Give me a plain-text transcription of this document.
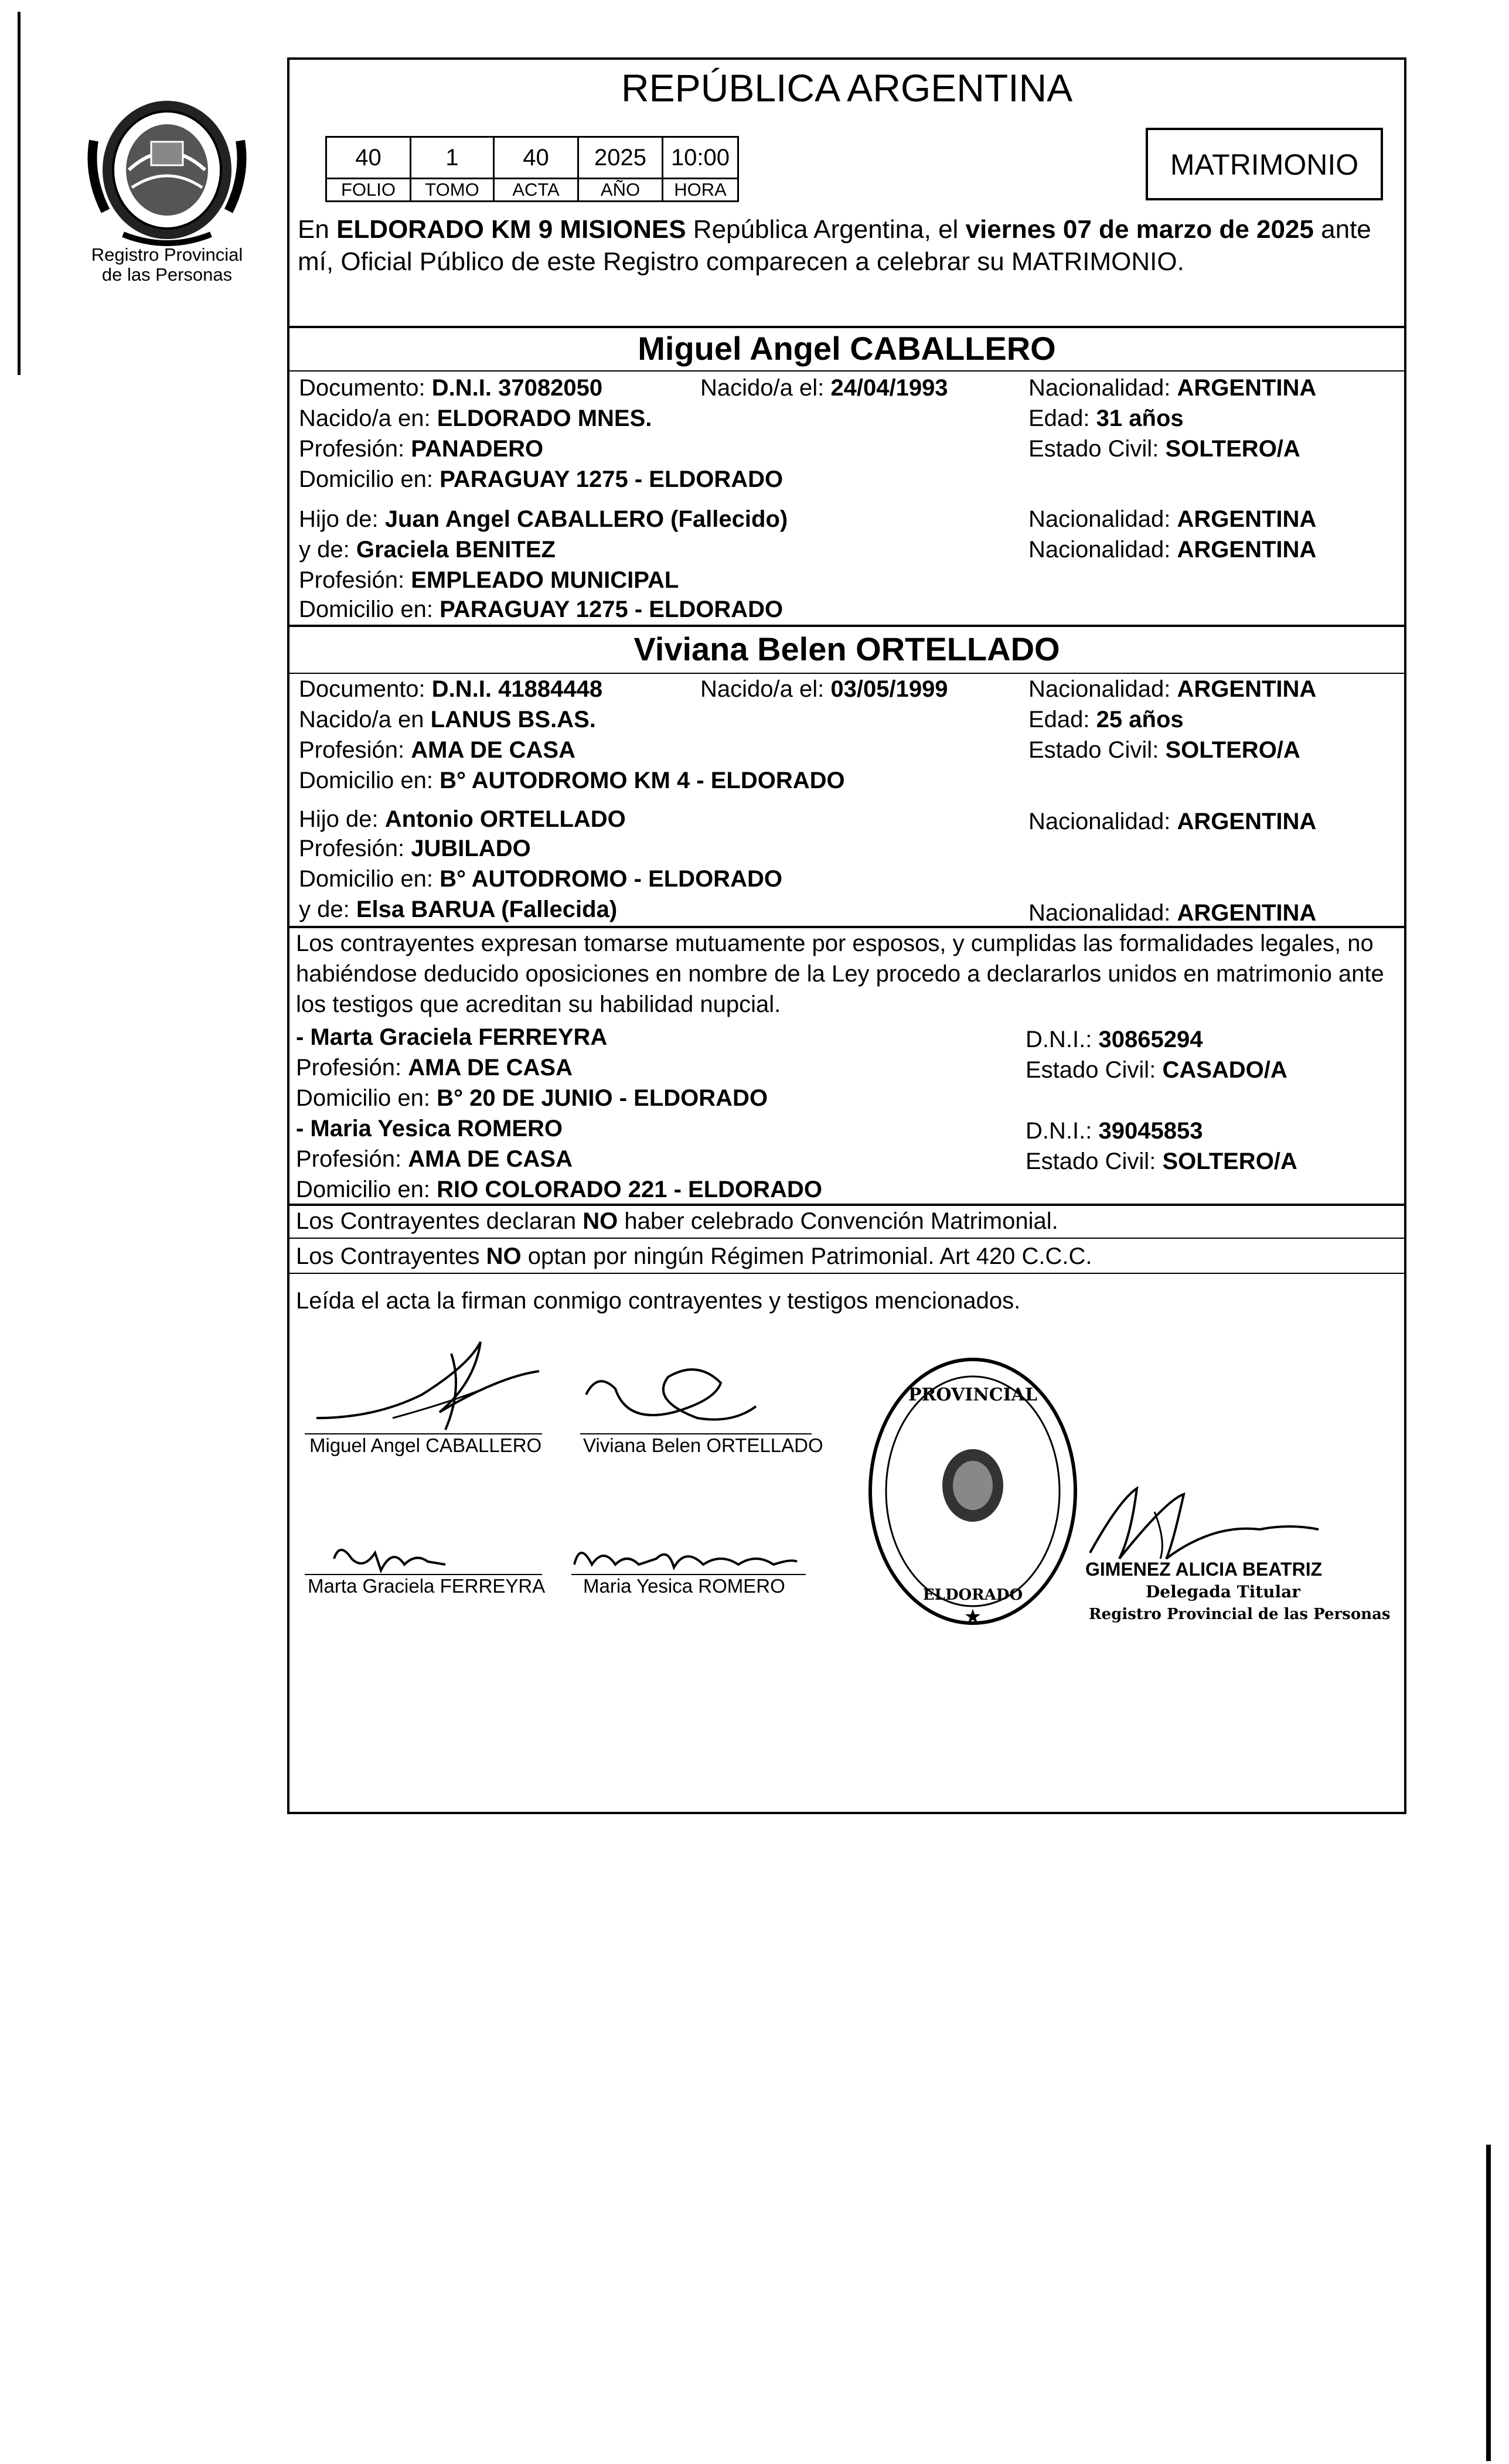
Registro Provincial
de las Personas
REPÚBLICA ARGENTINA
40	1	40	2025	10:00
FOLIO	TOMO	ACTA	AÑO	HORA
MATRIMONIO
En ELDORADO KM 9 MISIONES República Argentina, el viernes 07 de marzo de 2025 ante
mí, Oficial Público de este Registro comparecen a celebrar su MATRIMONIO.
Miguel Angel CABALLERO
Documento: D.N.I. 37082050	Nacido/a el: 24/04/1993	Nacionalidad: ARGENTINA
Nacido/a en: ELDORADO MNES.	Edad: 31 años
Profesión: PANADERO	Estado Civil: SOLTERO/A
Domicilio en: PARAGUAY 1275 - ELDORADO
Hijo de: Juan Angel CABALLERO (Fallecido)	Nacionalidad: ARGENTINA
y de: Graciela BENITEZ	Nacionalidad: ARGENTINA
Profesión: EMPLEADO MUNICIPAL
Domicilio en: PARAGUAY 1275 - ELDORADO
Viviana Belen ORTELLADO
Documento: D.N.I. 41884448	Nacido/a el: 03/05/1999	Nacionalidad: ARGENTINA
Nacido/a en LANUS BS.AS.	Edad: 25 años
Profesión: AMA DE CASA	Estado Civil: SOLTERO/A
Domicilio en: B° AUTODROMO KM 4 - ELDORADO
Hijo de: Antonio ORTELLADO	Nacionalidad: ARGENTINA
Profesión: JUBILADO
Domicilio en: B° AUTODROMO - ELDORADO
y de: Elsa BARUA (Fallecida)	Nacionalidad: ARGENTINA
Los contrayentes expresan tomarse mutuamente por esposos, y cumplidas las formalidades legales, no
habiéndose deducido oposiciones en nombre de la Ley procedo a declararlos unidos en matrimonio ante
los testigos que acreditan su habilidad nupcial.
- Marta Graciela FERREYRA	D.N.I.: 30865294
Profesión: AMA DE CASA	Estado Civil: CASADO/A
Domicilio en: B° 20 DE JUNIO - ELDORADO
- Maria Yesica ROMERO	D.N.I.: 39045853
Profesión: AMA DE CASA	Estado Civil: SOLTERO/A
Domicilio en: RIO COLORADO 221 - ELDORADO
Los Contrayentes declaran NO haber celebrado Convención Matrimonial.
Los Contrayentes NO optan por ningún Régimen Patrimonial. Art 420 C.C.C.
Leída el acta la firman conmigo contrayentes y testigos mencionados.
Miguel Angel CABALLERO Viviana Belen ORTELLADO
Marta Graciela FERREYRA Maria Yesica ROMERO
PROVINCIAL
ELDORADO
★
GIMENEZ ALICIA BEATRIZ
Delegada Titular
Registro Provincial de las Personas
